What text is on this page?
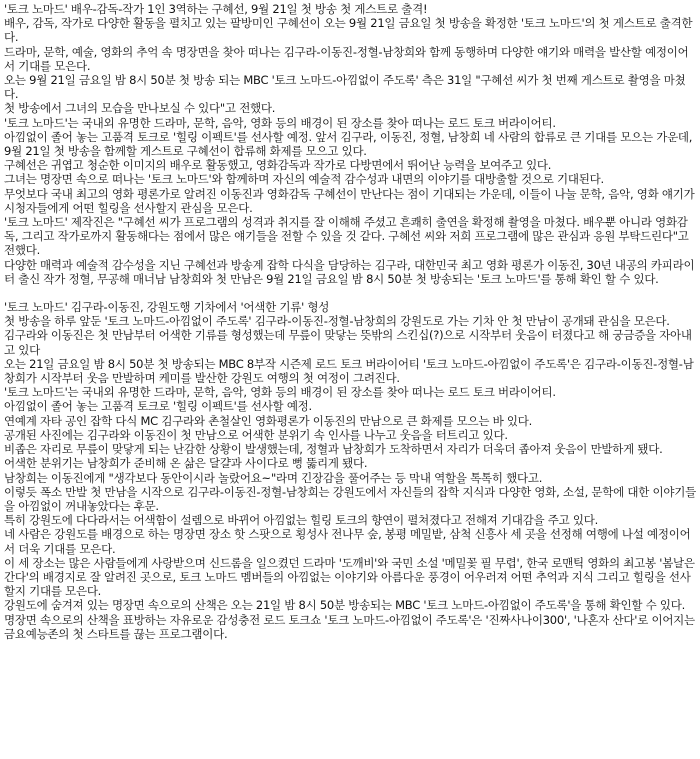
'토크 노마드' 배우-감독-작가 1인 3역하는 구혜선, 9월 21일 첫 방송 첫 게스트로 출격!

배우, 감독, 작가로 다양한 활동을 펼치고 있는 팔방미인 구혜선이 오는 9월 21일 금요일 첫 방송을 확정한 '토크 노마드'의 첫 게스트로 출격한다.

드라마, 문학, 예술, 영화의 추억 속 명장면을 찾아 떠나는 김구라-이동진-정혈-남창희와 함께 동행하며 다양한 얘기와 매력을 발산할 예정이어서 기대를 모은다.

오는 9월 21일 금요일 밤 8시 50분 첫 방송 되는 MBC '토크 노마드-아낌없이 주도록' 측은 31일 "구혜선 씨가 첫 번째 게스트로 촬영을 마쳤다.

첫 방송에서 그녀의 모습을 만나보실 수 있다"고 전했다.

'토크 노마드'는 국내외 유명한 드라마, 문학, 음악, 영화 등의 배경이 된 장소를 찾아 떠나는 로드 토크 버라이어티.

아낌없이 졸어 놓는 고품격 토크로 '힐링 이펙트'를 선사할 예정. 앞서 김구라, 이동진, 정혈, 남창희 네 사람의 합류로 큰 기대를 모으는 가운데, 9월 21일 첫 방송을 함께할 게스트로 구혜선이 합류해 화제를 모으고 있다.

구혜선은 귀엽고 청순한 이미지의 배우로 활동했고, 영화감독과 작가로 다방면에서 뛰어난 능력을 보여주고 있다.

그녀는 명장면 속으로 떠나는 '토크 노마드'와 함께하며 자신의 예술적 감수성과 내면의 이야기를 대방출할 것으로 기대된다.

무엇보다 국내 최고의 영화 평론가로 알려진 이동진과 영화감독 구혜선이 만난다는 점이 기대되는 가운데, 이들이 나눌 문학, 음악, 영화 얘기가 시청자들에게 어떤 힐링을 선사할지 관심을 모은다.

'토크 노마드' 제작진은 "구혜선 씨가 프로그램의 성격과 취지를 잘 이해해 주셨고 흔쾌히 출연을 확정해 촬영을 마쳤다. 배우뿐 아니라 영화감독, 그리고 작가로까지 활동해다는 점에서 많은 얘기들을 전할 수 있을 것 같다. 구혜선 씨와 저희 프로그램에 많은 관심과 응원 부탁드린다"고 전했다.

다양한 매력과 예술적 감수성을 지닌 구혜선과 방송계 잡학 다식을 담당하는 김구라, 대한민국 최고 영화 평론가 이동진, 30년 내공의 카피라이터 출신 작가 정혈, 무공해 매너남 남창희와 첫 만남은 9월 21일 금요일 밤 8시 50분 첫 방송되는 '토크 노마드'를 통해 확인 할 수 있다.

'토크 노마드' 김구라-이동진, 강원도행 기차에서 '어색한 기류' 형성

첫 방송을 하루 앞둔 '토크 노마드-아낌없이 주도록' 김구라-이동진-정혈-남창희의 강원도로 가는 기차 안 첫 만남이 공개돼 관심을 모은다.

김구라와 이동진은 첫 만남부터 어색한 기류를 형성했는데 무릎이 맞닿는 뜻밖의 스킨십(?)으로 시작부터 웃음이 터졌다고 해 궁금증을 자아내고 있다

오는 21일 금요일 밤 8시 50분 첫 방송되는 MBC 8부작 시즌제 로드 토크 버라이어티 '토크 노마드-아낌없이 주도록'은 김구라-이동진-정혈-남창희가 시작부터 웃음 만발하며 케미를 발산한 강원도 여행의 첫 여정이 그려진다.

'토크 노마드'는 국내외 유명한 드라마, 문학, 음악, 영화 등의 배경이 된 장소를 찾아 떠나는 로드 토크 버라이어티.

아낌없이 졸어 놓는 고품격 토크로 '힐링 이펙트'를 선사할 예정.

연예계 자타 공인 잡학 다식 MC 김구라와 촌철살인 영화평론가 이동진의 만남으로 큰 화제를 모으는 바 있다.

공개된 사진에는 김구라와 이동진이 첫 만남으로 어색한 분위기 속 인사를 나누고 웃음을 터트리고 있다.

비좁은 자리로 무릎이 맞닿게 되는 난감한 상황이 발생했는데, 정혈과 남창희가 도착하면서 자리가 더욱더 좁아져 웃음이 만발하게 됐다.

어색한 분위기는 남창희가 준비해 온 삶은 달걀과 사이다로 뻥 뚫리게 됐다.

남창희는 이동진에게 "생각보다 동안이시라 놀랐어요~"라며 긴장감을 풀어주는 등 막내 역할을 톡톡히 했다고.

이렇듯 폭소 만발 첫 만남을 시작으로 김구라-이동진-정혈-남창희는 강원도에서 자신들의 잡학 지식과 다양한 영화, 소설, 문학에 대한 이야기들을 아낌없이 꺼내놓았다는 후문.

특히 강원도에 다다라서는 어색함이 설렘으로 바뀌어 아낌없는 힐링 토크의 향연이 펼쳐졌다고 전해져 기대감을 주고 있다.

네 사람은 강원도를 배경으로 하는 명장면 장소 핫 스팟으로 횡성사 전나무 숲, 봉평 메밀밭, 삼척 신흥사 세 곳을 선정해 여행에 나설 예정이어서 더욱 기대를 모은다.

이 세 장소는 많은 사람들에게 사랑받으며 신드롬을 일으켰던 드라마 '도깨비'와 국민 소설 '메밀꽃 필 무렵', 한국 로맨틱 영화의 최고봉 '봄날은 간다'의 배경지로 잘 알려진 곳으로, 토크 노마드 멤버들의 아낌없는 이야기와 아름다운 풍경이 어우러져 어떤 추억과 지식 그리고 힐링을 선사할지 기대를 모은다.

강원도에 숨겨져 있는 명장면 속으로의 산책은 오는 21일 밤 8시 50분 방송되는 MBC '토크 노마드-아낌없이 주도록'을 통해 확인할 수 있다.

명장면 속으로의 산책을 표방하는 자유로운 감성충전 로드 토크쇼 '토크 노마드-아낌없이 주도록'은 '진짜사나이300', '나혼자 산다'로 이어지는 금요예능존의 첫 스타트를 끊는 프로그램이다.
